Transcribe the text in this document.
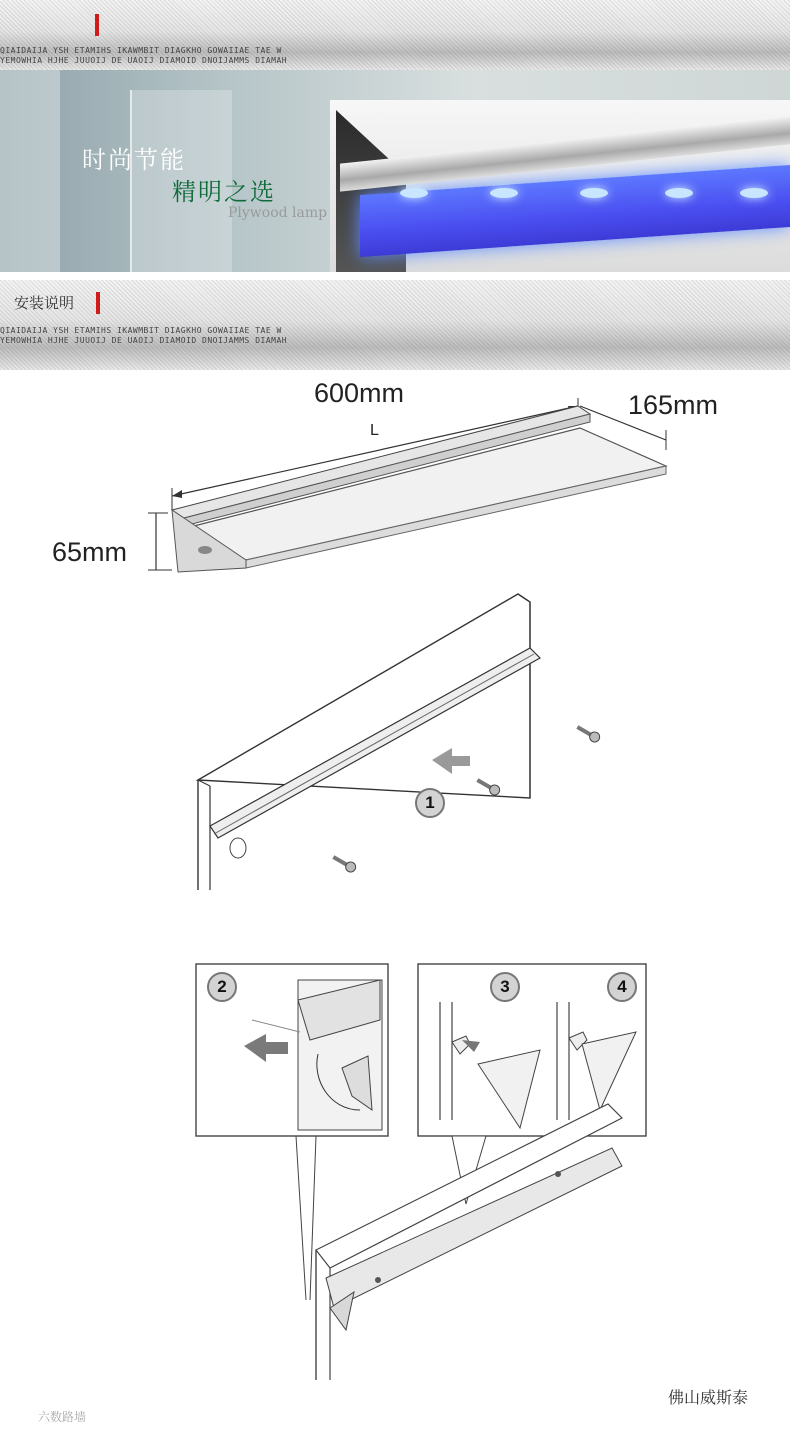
QIAIDAIJA YSH ETAMIHS IKAWMBIT DIAGKHO GOWAIIAE TAE W
YEMOWHIA HJHE JUUOIJ DE UAOIJ DIAMOID DNOIJAMMS DIAMAH
时尚节能
精明之选
Plywood lamp
安装说明
QIAIDAIJA YSH ETAMIHS IKAWMBIT DIAGKHO GOWAIIAE TAE W
YEMOWHIA HJHE JUUOIJ DE UAOIJ DIAMOID DNOIJAMMS DIAMAH
600mm
L
165mm
65mm
1
2	3	4
佛山威斯泰
六数路墙
